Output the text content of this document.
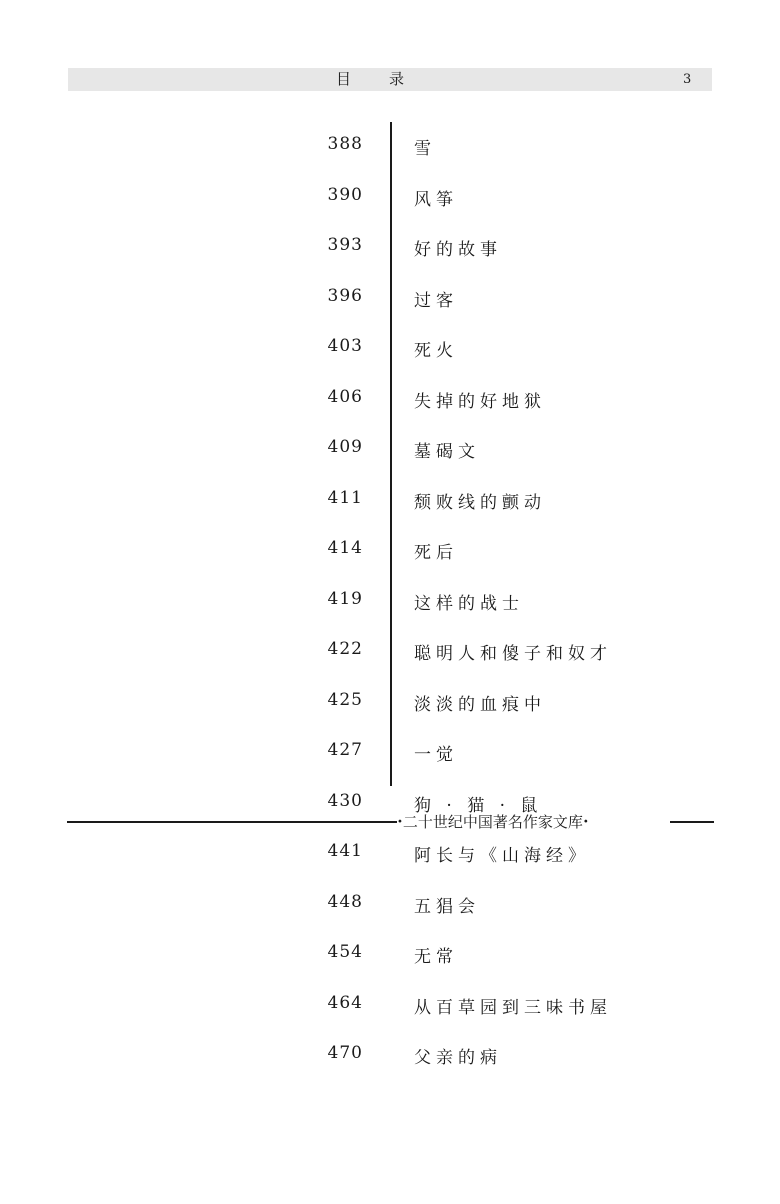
目录	3
388	雪
390	风筝
393	好的故事
396	过客
403	死火
406	失掉的好地狱
409	墓碣文
411	颓败线的颤动
414	死后
419	这样的战士
422	聪明人和傻子和奴才
425	淡淡的血痕中
427	一觉
430	狗 · 猫 · 鼠
441	阿长与《山海经》
448	五猖会
454	无常
464	从百草园到三味书屋
470	父亲的病
•二十世纪中国著名作家文库•
